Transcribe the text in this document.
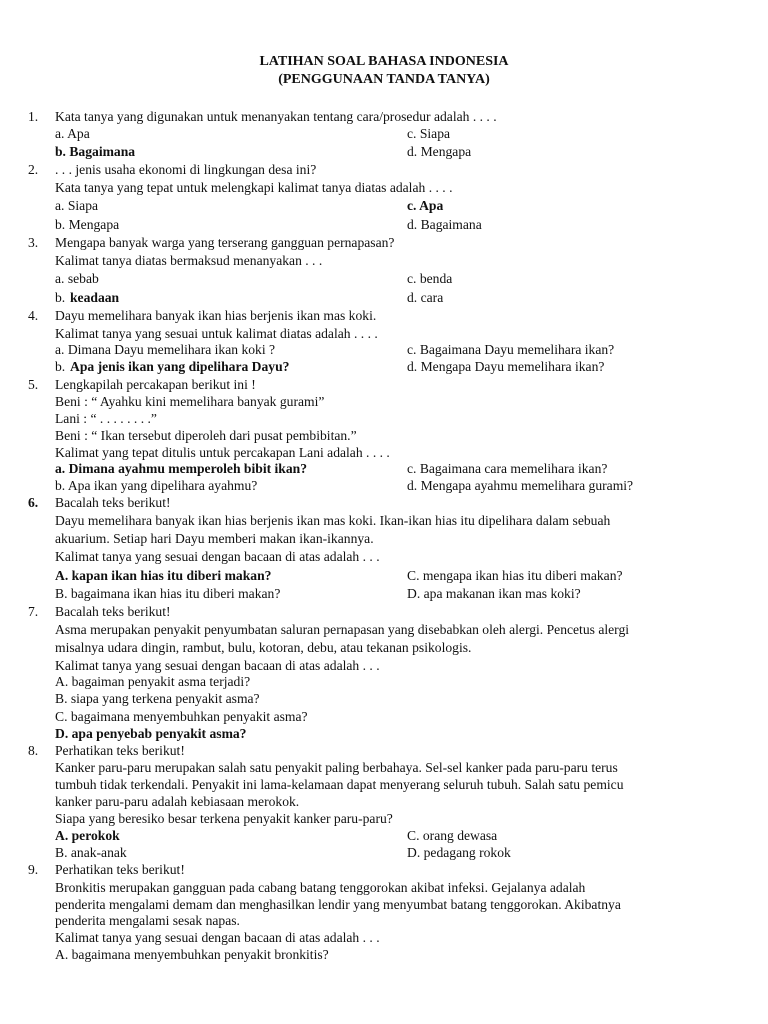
LATIHAN SOAL BAHASA INDONESIA
(PENGGUNAAN TANDA TANYA)
1. Kata tanya yang digunakan untuk menanyakan tentang cara/prosedur adalah . . . .
a. Apa	c. Siapa
b. Bagaimana	d. Mengapa
2. . . . jenis usaha ekonomi di lingkungan desa ini?
Kata tanya yang tepat untuk melengkapi kalimat tanya diatas adalah . . . .
a. Siapa	c. Apa
b. Mengapa	d. Bagaimana
3. Mengapa banyak warga yang terserang gangguan pernapasan?
Kalimat tanya diatas bermaksud menanyakan . . .
a. sebab	c. benda
b. keadaan	d. cara
4. Dayu memelihara banyak ikan hias berjenis ikan mas koki.
Kalimat tanya yang sesuai untuk kalimat diatas adalah . . . .
a. Dimana Dayu memelihara ikan koki ?	c. Bagaimana Dayu memelihara ikan?
b. Apa jenis ikan yang dipelihara Dayu?	d. Mengapa Dayu memelihara ikan?
5. Lengkapilah percakapan berikut ini !
Beni : “ Ayahku kini memelihara banyak gurami”
Lani : “ . . . . . . . .”
Beni : “ Ikan tersebut diperoleh dari pusat pembibitan.”
Kalimat yang tepat ditulis untuk percakapan Lani adalah . . . .
a. Dimana ayahmu memperoleh bibit ikan?	c. Bagaimana cara memelihara ikan?
b. Apa ikan yang dipelihara ayahmu?	d. Mengapa ayahmu memelihara gurami?
6. Bacalah teks berikut!
Dayu memelihara banyak ikan hias berjenis ikan mas koki. Ikan-ikan hias itu dipelihara dalam sebuah
akuarium. Setiap hari Dayu memberi makan ikan-ikannya.
Kalimat tanya yang sesuai dengan bacaan di atas adalah . . .
A. kapan ikan hias itu diberi makan?	C. mengapa ikan hias itu diberi makan?
B. bagaimana ikan hias itu diberi makan?	D. apa makanan ikan mas koki?
7. Bacalah teks berikut!
Asma merupakan penyakit penyumbatan saluran pernapasan yang disebabkan oleh alergi. Pencetus alergi
misalnya udara dingin, rambut, bulu, kotoran, debu, atau tekanan psikologis.
Kalimat tanya yang sesuai dengan bacaan di atas adalah . . .
A. bagaiman penyakit asma terjadi?
B. siapa yang terkena penyakit asma?
C. bagaimana menyembuhkan penyakit asma?
D. apa penyebab penyakit asma?
8. Perhatikan teks berikut!
Kanker paru-paru merupakan salah satu penyakit paling berbahaya. Sel-sel kanker pada paru-paru terus
tumbuh tidak terkendali. Penyakit ini lama-kelamaan dapat menyerang seluruh tubuh. Salah satu pemicu
kanker paru-paru adalah kebiasaan merokok.
Siapa yang beresiko besar terkena penyakit kanker paru-paru?
A. perokok	C. orang dewasa
B. anak-anak	D. pedagang rokok
9. Perhatikan teks berikut!
Bronkitis merupakan gangguan pada cabang batang tenggorokan akibat infeksi. Gejalanya adalah
penderita mengalami demam dan menghasilkan lendir yang menyumbat batang tenggorokan. Akibatnya
penderita mengalami sesak napas.
Kalimat tanya yang sesuai dengan bacaan di atas adalah . . .
A. bagaimana menyembuhkan penyakit bronkitis?
